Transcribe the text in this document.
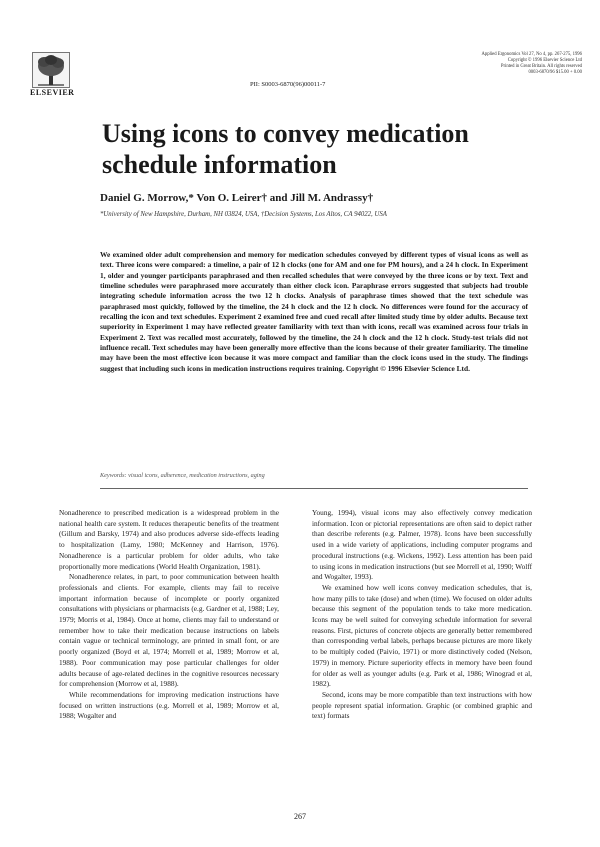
ELSEVIER
PII: S0003-6870(96)00011-7
Applied Ergonomics Vol 27, No 4, pp. 267-275, 1996
Copyright © 1996 Elsevier Science Ltd
Printed in Great Britain. All rights reserved
0003-6870/96 $15.00 + 0.00
Using icons to convey medication schedule information
Daniel G. Morrow,* Von O. Leirer† and Jill M. Andrassy†
*University of New Hampshire, Durham, NH 03824, USA, †Decision Systems, Los Altos, CA 94022, USA
We examined older adult comprehension and memory for medication schedules conveyed by different types of visual icons as well as text. Three icons were compared: a timeline, a pair of 12 h clocks (one for AM and one for PM hours), and a 24 h clock. In Experiment 1, older and younger participants paraphrased and then recalled schedules that were conveyed by the three icons or by text. Text and timeline schedules were paraphrased more accurately than either clock icon. Paraphrase errors suggested that subjects had trouble integrating schedule information across the two 12 h clocks. Analysis of paraphrase times showed that the text schedule was paraphrased most quickly, followed by the timeline, the 24 h clock and the 12 h clock. No differences were found for the accuracy of recalling the icon and text schedules. Experiment 2 examined free and cued recall after limited study time by older adults. Because text superiority in Experiment 1 may have reflected greater familiarity with text than with icons, recall was examined across four trials in Experiment 2. Text was recalled most accurately, followed by the timeline, the 24 h clock and the 12 h clock. Study-test trials did not influence recall. Text schedules may have been generally more effective than the icons because of their greater familiarity. The timeline may have been the most effective icon because it was more compact and familiar than the clock icons used in the study. The findings suggest that including such icons in medication instructions requires training. Copyright © 1996 Elsevier Science Ltd.
Keywords: visual icons, adherence, medication instructions, aging

Nonadherence to prescribed medication is a widespread problem in the national health care system. It reduces therapeutic benefits of the treatment (Gillum and Barsky, 1974) and also produces adverse side-effects leading to hospitalization (Lamy, 1980; McKenney and Harrison, 1976). Nonadherence is a particular problem for older adults, who take proportionally more medications (World Health Organization, 1981).

Nonadherence relates, in part, to poor communication between health professionals and clients. For example, clients may fail to receive important information because of incomplete or poorly organized consultations with physicians or pharmacists (e.g. Gardner et al, 1988; Ley, 1979; Morris et al, 1984). Once at home, clients may fail to understand or remember how to take their medication because instructions on labels contain vague or technical terminology, are printed in small font, or are poorly organized (Boyd et al, 1974; Morrell et al, 1989; Morrow et al, 1988). Poor communication may pose particular challenges for older adults because of age-related declines in the cognitive resources necessary for comprehension (Morrow et al, 1988).

While recommendations for improving medication instructions have focused on written instructions (e.g. Morrell et al, 1989; Morrow et al, 1988; Wogalter and

Young, 1994), visual icons may also effectively convey medication information. Icon or pictorial representations are often said to depict rather than describe referents (e.g. Palmer, 1978). Icons have been successfully used in a wide variety of applications, including computer programs and procedural instructions (e.g. Wickens, 1992). Less attention has been paid to using icons in medication instructions (but see Morrell et al, 1990; Wolff and Wogalter, 1993).

We examined how well icons convey medication schedules, that is, how many pills to take (dose) and when (time). We focused on older adults because this segment of the population tends to take more medication. Icons may be well suited for conveying schedule information for several reasons. First, pictures of concrete objects are generally better remembered than corresponding verbal labels, perhaps because pictures are more likely to be multiply coded (Paivio, 1971) or more distinctively coded (Nelson, 1979) in memory. Picture superiority effects in memory have been found for older as well as younger adults (e.g. Park et al, 1986; Winograd et al, 1982).

Second, icons may be more compatible than text instructions with how people represent spatial information. Graphic (or combined graphic and text) formats

267
